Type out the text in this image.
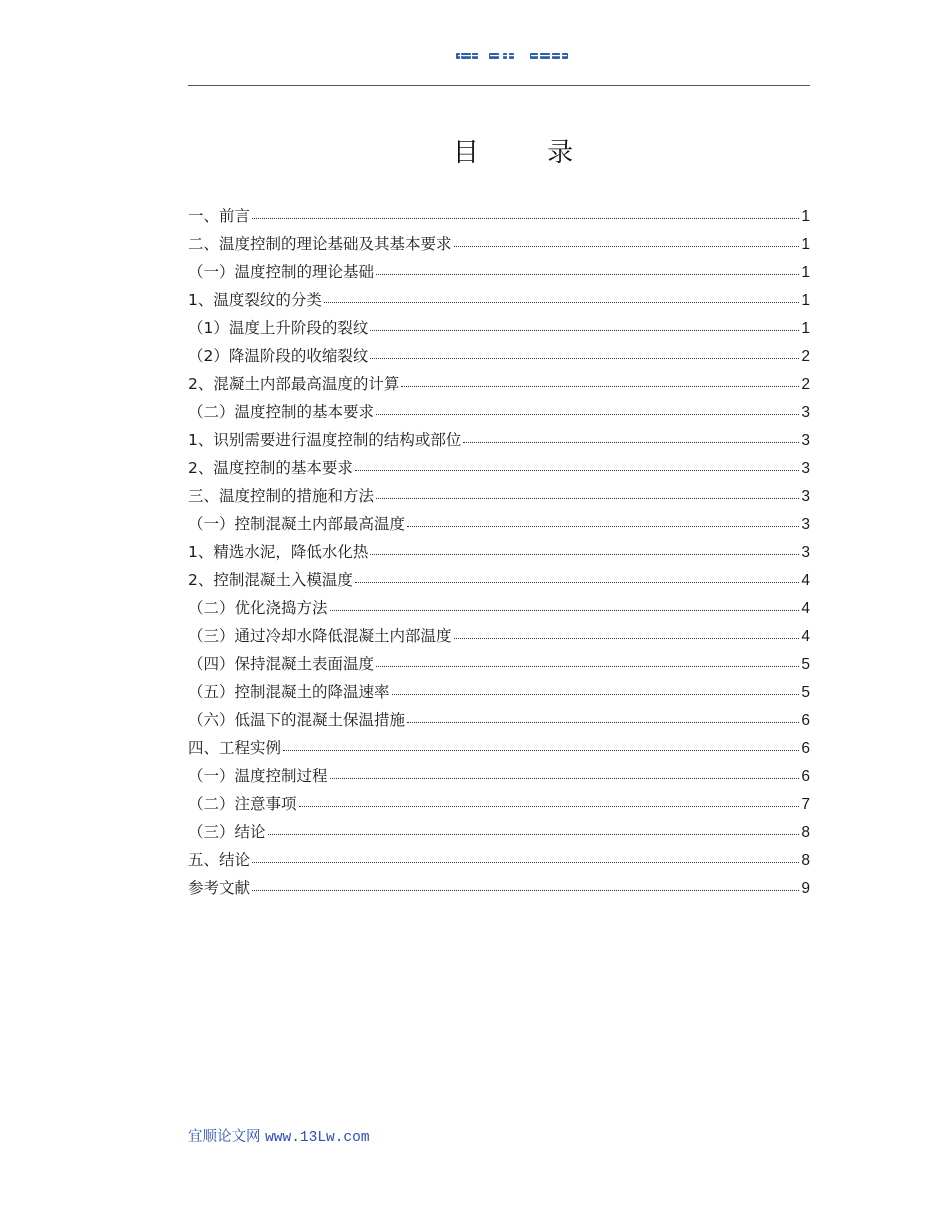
目 录
一、前言	1
二、温度控制的理论基础及其基本要求	1
（一）温度控制的理论基础	1
1、温度裂纹的分类	1
（1）温度上升阶段的裂纹	1
（2）降温阶段的收缩裂纹	2
2、混凝土内部最高温度的计算	2
（二）温度控制的基本要求	3
1、识别需要进行温度控制的结构或部位	3
2、温度控制的基本要求	3
三、温度控制的措施和方法	3
（一）控制混凝土内部最高温度	3
1、精选水泥，降低水化热	3
2、控制混凝土入模温度	4
（二）优化浇捣方法	4
（三）通过冷却水降低混凝土内部温度	4
（四）保持混凝土表面温度	5
（五）控制混凝土的降温速率	5
（六）低温下的混凝土保温措施	6
四、工程实例	6
（一）温度控制过程	6
（二）注意事项	7
（三）结论	8
五、结论	8
参考文献	9
宜顺论文网 www.13Lw.com
